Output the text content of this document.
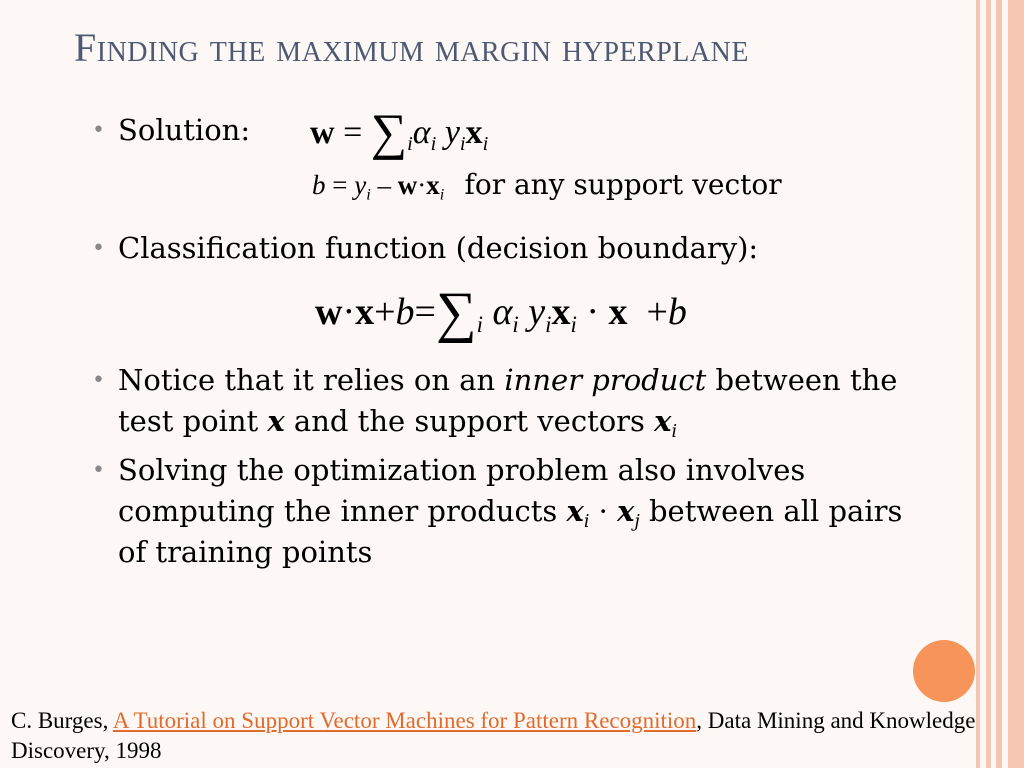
Finding the maximum margin hyperplane
• Solution: $w = \sum_i\alpha_i$ $y_ix_i$
$b = y_i - w\cdot x_i$ for any support vector
• Classification function (decision boundary):
$w\cdot x+b=\sum_i$ $\alpha_i$ $y_ix_i \cdot x +b$
• Notice that it relies on an inner product between the
test point x and the support vectors $x_i$
• Solving the optimization problem also involves
computing the inner products $x_i \cdot x_j$ between all pairs
of training points
C. Burges, A Tutorial on Support Vector Machines for Pattern Recognition, Data Mining and Knowledge Discovery, 1998
